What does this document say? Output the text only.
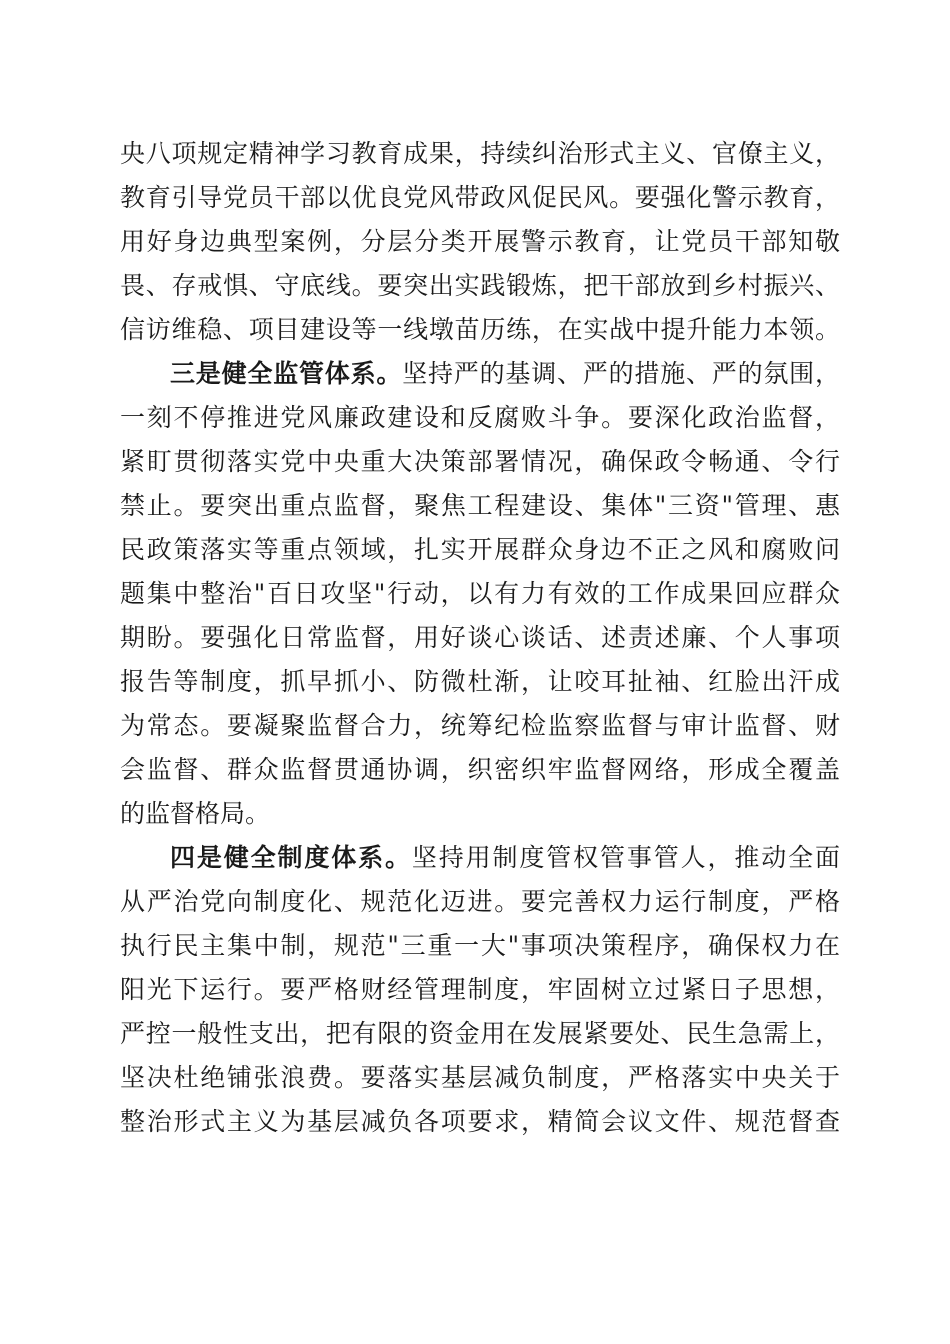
央八项规定精神学习教育成果，持续纠治形式主义、官僚主义，
教育引导党员干部以优良党风带政风促民风。要强化警示教育，
用好身边典型案例，分层分类开展警示教育，让党员干部知敬
畏、存戒惧、守底线。要突出实践锻炼，把干部放到乡村振兴、
信访维稳、项目建设等一线墩苗历练，在实战中提升能力本领。
三是健全监管体系。坚持严的基调、严的措施、严的氛围，
一刻不停推进党风廉政建设和反腐败斗争。要深化政治监督，
紧盯贯彻落实党中央重大决策部署情况，确保政令畅通、令行
禁止。要突出重点监督，聚焦工程建设、集体"三资"管理、惠
民政策落实等重点领域，扎实开展群众身边不正之风和腐败问
题集中整治"百日攻坚"行动，以有力有效的工作成果回应群众
期盼。要强化日常监督，用好谈心谈话、述责述廉、个人事项
报告等制度，抓早抓小、防微杜渐，让咬耳扯袖、红脸出汗成
为常态。要凝聚监督合力，统筹纪检监察监督与审计监督、财
会监督、群众监督贯通协调，织密织牢监督网络，形成全覆盖
的监督格局。
四是健全制度体系。坚持用制度管权管事管人，推动全面
从严治党向制度化、规范化迈进。要完善权力运行制度，严格
执行民主集中制，规范"三重一大"事项决策程序，确保权力在
阳光下运行。要严格财经管理制度，牢固树立过紧日子思想，
严控一般性支出，把有限的资金用在发展紧要处、民生急需上，
坚决杜绝铺张浪费。要落实基层减负制度，严格落实中央关于
整治形式主义为基层减负各项要求，精简会议文件、规范督查
